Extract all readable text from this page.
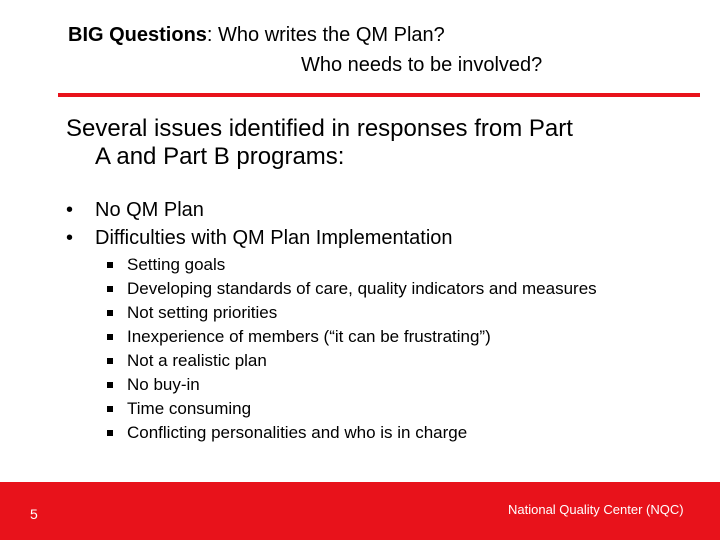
BIG Questions: Who writes the QM Plan?
Who needs to be involved?

Several issues identified in responses from Part
A and Part B programs:

• No QM Plan
• Difficulties with QM Plan Implementation
Setting goals
Developing standards of care, quality indicators and measures
Not setting priorities
Inexperience of members (“it can be frustrating”)
Not a realistic plan
No buy-in
Time consuming
Conflicting personalities and who is in charge
5	National Quality Center (NQC)
